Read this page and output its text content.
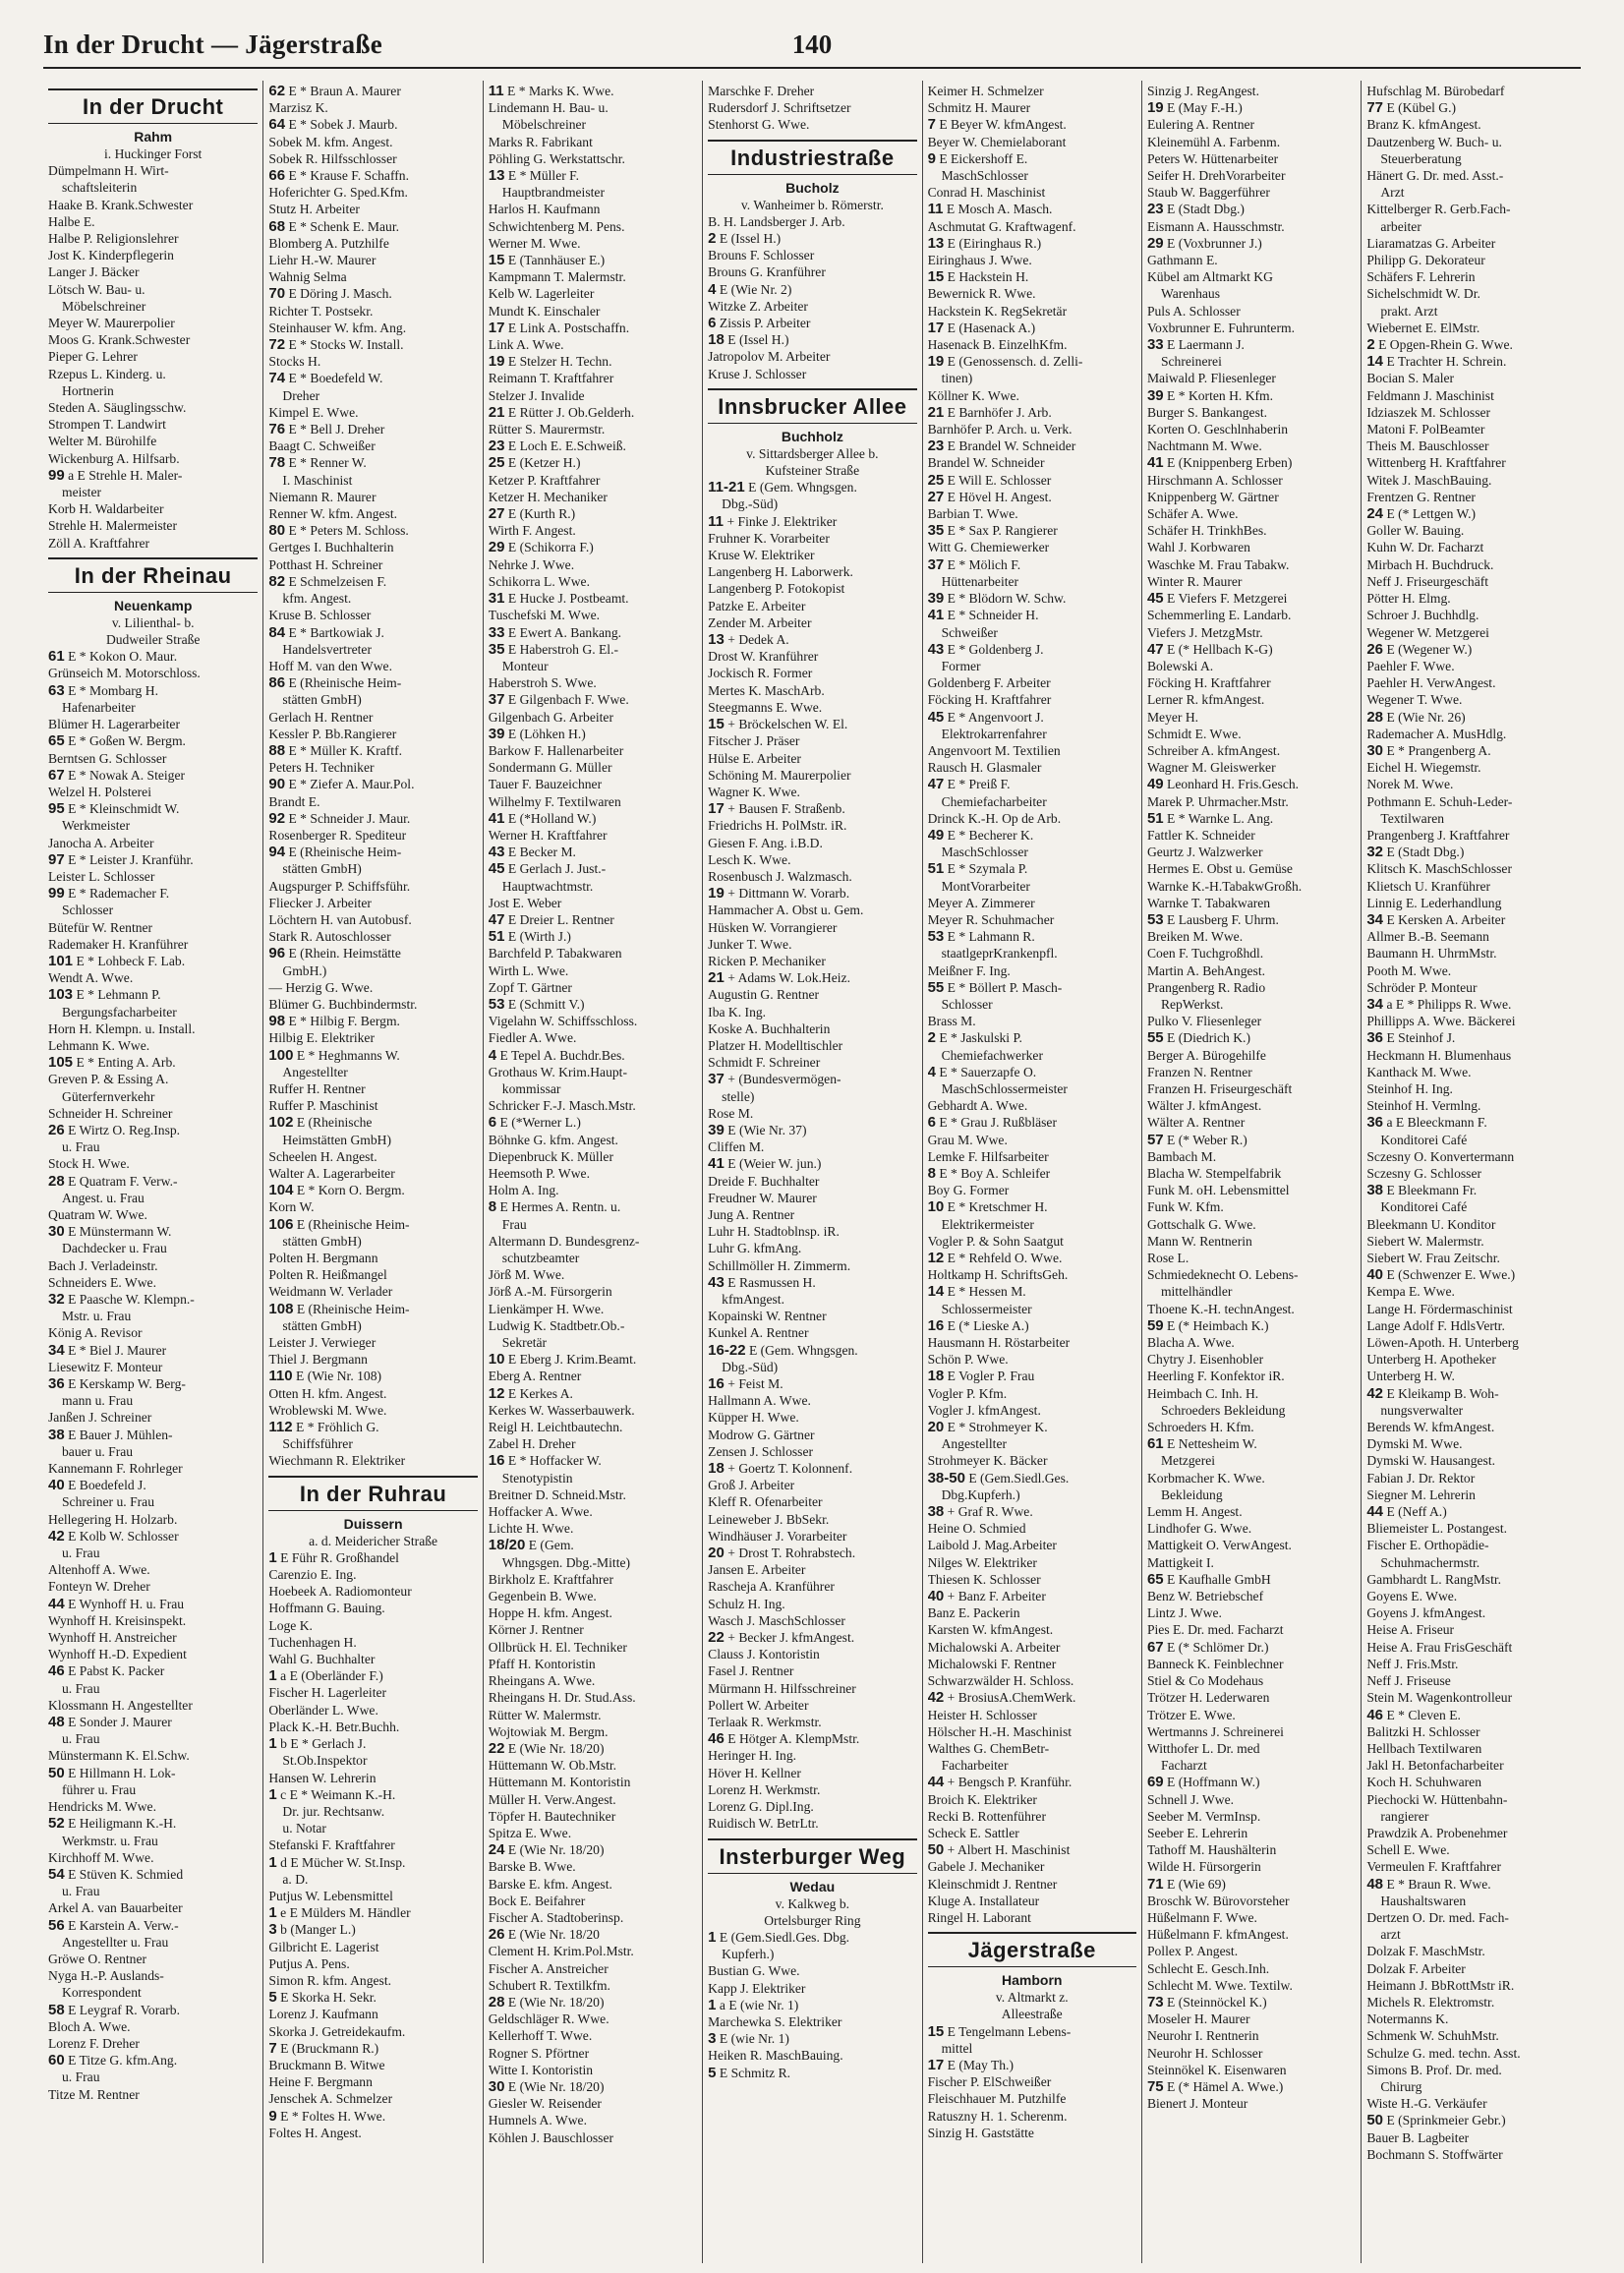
In der Drucht — Jägerstraße	140
In der Drucht
Rahm
i. Huckinger Forst
Dümpelmann H. Wirt-
schaftsleiterin
Haake B. Krank.Schwester
Halbe E.
Halbe P. Religionslehrer
Jost K. Kinderpflegerin
Langer J. Bäcker
Lötsch W. Bau- u.
Möbelschreiner
Meyer W. Maurerpolier
Moos G. Krank.Schwester
Pieper G. Lehrer
Rzepus L. Kinderg. u.
Hortnerin
Steden A. Säuglingsschw.
Strompen T. Landwirt
Welter M. Bürohilfe
Wickenburg A. Hilfsarb.
99 a E Strehle H. Maler-
meister
Korb H. Waldarbeiter
Strehle H. Malermeister
Zöll A. Kraftfahrer
In der Rheinau
Neuenkamp
v. Lilienthal- b.
Dudweiler Straße
61 E * Kokon O. Maur.
Grünseich M. Motorschloss.
63 E * Mombarg H.
Hafenarbeiter
Blümer H. Lagerarbeiter
65 E * Goßen W. Bergm.
Berntsen G. Schlosser
67 E * Nowak A. Steiger
Welzel H. Polsterei
95 E * Kleinschmidt W.
Werkmeister
Janocha A. Arbeiter
97 E * Leister J. Kranführ.
Leister L. Schlosser
99 E * Rademacher F.
Schlosser
Bütefür W. Rentner
Rademaker H. Kranführer
101 E * Lohbeck F. Lab.
Wendt A. Wwe.
103 E * Lehmann P.
Bergungsfacharbeiter
Horn H. Klempn. u. Install.
Lehmann K. Wwe.
105 E * Enting A. Arb.
Greven P. & Essing A.
Güterfernverkehr
Schneider H. Schreiner
26 E Wirtz O. Reg.Insp.
u. Frau
Stock H. Wwe.
28 E Quatram F. Verw.-
Angest. u. Frau
Quatram W. Wwe.
30 E Münstermann W.
Dachdecker u. Frau
Bach J. Verladeinstr.
Schneiders E. Wwe.
32 E Paasche W. Klempn.-
Mstr. u. Frau
König A. Revisor
34 E * Biel J. Maurer
Liesewitz F. Monteur
36 E Kerskamp W. Berg-
mann u. Frau
Janßen J. Schreiner
38 E Bauer J. Mühlen-
bauer u. Frau
Kannemann F. Rohrleger
40 E Boedefeld J.
Schreiner u. Frau
Hellegering H. Holzarb.
42 E Kolb W. Schlosser
u. Frau
Altenhoff A. Wwe.
Fonteyn W. Dreher
44 E Wynhoff H. u. Frau
Wynhoff H. Kreisinspekt.
Wynhoff H. Anstreicher
Wynhoff H.-D. Expedient
46 E Pabst K. Packer
u. Frau
Klossmann H. Angestellter
48 E Sonder J. Maurer
u. Frau
Münstermann K. El.Schw.
50 E Hillmann H. Lok-
führer u. Frau
Hendricks M. Wwe.
52 E Heiligmann K.-H.
Werkmstr. u. Frau
Kirchhoff M. Wwe.
54 E Stüven K. Schmied
u. Frau
Arkel A. van Bauarbeiter
56 E Karstein A. Verw.-
Angestellter u. Frau
Gröwe O. Rentner
Nyga H.-P. Auslands-
Korrespondent
58 E Leygraf R. Vorarb.
Bloch A. Wwe.
Lorenz F. Dreher
60 E Titze G. kfm.Ang.
u. Frau
Titze M. Rentner
62 E * Braun A. Maurer
Marzisz K.
64 E * Sobek J. Maurb.
Sobek M. kfm. Angest.
Sobek R. Hilfsschlosser
66 E * Krause F. Schaffn.
Hoferichter G. Sped.Kfm.
Stutz H. Arbeiter
68 E * Schenk E. Maur.
Blomberg A. Putzhilfe
Liehr H.-W. Maurer
Wahnig Selma
70 E Döring J. Masch.
Richter T. Postsekr.
Steinhauser W. kfm. Ang.
72 E * Stocks W. Install.
Stocks H.
74 E * Boedefeld W.
Dreher
Kimpel E. Wwe.
76 E * Bell J. Dreher
Baagt C. Schweißer
78 E * Renner W.
I. Maschinist
Niemann R. Maurer
Renner W. kfm. Angest.
80 E * Peters M. Schloss.
Gertges I. Buchhalterin
Potthast H. Schreiner
82 E Schmelzeisen F.
kfm. Angest.
Kruse B. Schlosser
84 E * Bartkowiak J.
Handelsvertreter
Hoff M. van den Wwe.
86 E (Rheinische Heim-
stätten GmbH)
Gerlach H. Rentner
Kessler P. Bb.Rangierer
88 E * Müller K. Kraftf.
Peters H. Techniker
90 E * Ziefer A. Maur.Pol.
Brandt E.
92 E * Schneider J. Maur.
Rosenberger R. Spediteur
94 E (Rheinische Heim-
stätten GmbH)
Augspurger P. Schiffsführ.
Fliecker J. Arbeiter
Löchtern H. van Autobusf.
Stark R. Autoschlosser
96 E (Rhein. Heimstätte
GmbH.)
— Herzig G. Wwe.
Blümer G. Buchbindermstr.
98 E * Hilbig F. Bergm.
Hilbig E. Elektriker
100 E * Heghmanns W.
Angestellter
Ruffer H. Rentner
Ruffer P. Maschinist
102 E (Rheinische
Heimstätten GmbH)
Scheelen H. Angest.
Walter A. Lagerarbeiter
104 E * Korn O. Bergm.
Korn W.
106 E (Rheinische Heim-
stätten GmbH)
Polten H. Bergmann
Polten R. Heißmangel
Weidmann W. Verlader
108 E (Rheinische Heim-
stätten GmbH)
Leister J. Verwieger
Thiel J. Bergmann
110 E (Wie Nr. 108)
Otten H. kfm. Angest.
Wroblewski M. Wwe.
112 E * Fröhlich G.
Schiffsführer
Wiechmann R. Elektriker
In der Ruhrau
Duissern
a. d. Meidericher Straße
1 E Führ R. Großhandel
Carenzio E. Ing.
Hoebeek A. Radiomonteur
Hoffmann G. Bauing.
Loge K.
Tuchenhagen H.
Wahl G. Buchhalter
1 a E (Oberländer F.)
Fischer H. Lagerleiter
Oberländer L. Wwe.
Plack K.-H. Betr.Buchh.
1 b E * Gerlach J.
St.Ob.Inspektor
Hansen W. Lehrerin
1 c E * Weimann K.-H.
Dr. jur. Rechtsanw.
u. Notar
Stefanski F. Kraftfahrer
1 d E Mücher W. St.Insp.
a. D.
Putjus W. Lebensmittel
1 e E Mülders M. Händler
3 b (Manger L.)
Gilbricht E. Lagerist
Putjus A. Pens.
Simon R. kfm. Angest.
5 E Skorka H. Sekr.
Lorenz J. Kaufmann
Skorka J. Getreidekaufm.
7 E (Bruckmann R.)
Bruckmann B. Witwe
Heine F. Bergmann
Jenschek A. Schmelzer
9 E * Foltes H. Wwe.
Foltes H. Angest.
11 E * Marks K. Wwe.
Lindemann H. Bau- u.
Möbelschreiner
Marks R. Fabrikant
Pöhling G. Werkstattschr.
13 E * Müller F.
Hauptbrandmeister
Harlos H. Kaufmann
Schwichtenberg M. Pens.
Werner M. Wwe.
15 E (Tannhäuser E.)
Kampmann T. Malermstr.
Kelb W. Lagerleiter
Mundt K. Einschaler
17 E Link A. Postschaffn.
Link A. Wwe.
19 E Stelzer H. Techn.
Reimann T. Kraftfahrer
Stelzer J. Invalide
21 E Rütter J. Ob.Gelderh.
Rütter S. Maurermstr.
23 E Loch E. E.Schweiß.
25 E (Ketzer H.)
Ketzer P. Kraftfahrer
Ketzer H. Mechaniker
27 E (Kurth R.)
Wirth F. Angest.
29 E (Schikorra F.)
Nehrke J. Wwe.
Schikorra L. Wwe.
31 E Hucke J. Postbeamt.
Tuschefski M. Wwe.
33 E Ewert A. Bankang.
35 E Haberstroh G. El.-
Monteur
Haberstroh S. Wwe.
37 E Gilgenbach F. Wwe.
Gilgenbach G. Arbeiter
39 E (Löhken H.)
Barkow F. Hallenarbeiter
Sondermann G. Müller
Tauer F. Bauzeichner
Wilhelmy F. Textilwaren
41 E (*Holland W.)
Werner H. Kraftfahrer
43 E Becker M.
45 E Gerlach J. Just.-
Hauptwachtmstr.
Jost E. Weber
47 E Dreier L. Rentner
51 E (Wirth J.)
Barchfeld P. Tabakwaren
Wirth L. Wwe.
Zopf T. Gärtner
53 E (Schmitt V.)
Vigelahn W. Schiffsschloss.
Fiedler A. Wwe.
4 E Tepel A. Buchdr.Bes.
Grothaus W. Krim.Haupt-
kommissar
Schricker F.-J. Masch.Mstr.
6 E (*Werner L.)
Böhnke G. kfm. Angest.
Diepenbruck K. Müller
Heemsoth P. Wwe.
Holm A. Ing.
8 E Hermes A. Rentn. u.
Frau
Altermann D. Bundesgrenz-
schutzbeamter
Jörß M. Wwe.
Jörß A.-M. Fürsorgerin
Lienkämper H. Wwe.
Ludwig K. Stadtbetr.Ob.-
Sekretär
10 E Eberg J. Krim.Beamt.
Eberg A. Rentner
12 E Kerkes A.
Kerkes W. Wasserbauwerk.
Reigl H. Leichtbautechn.
Zabel H. Dreher
16 E * Hoffacker W.
Stenotypistin
Breitner D. Schneid.Mstr.
Hoffacker A. Wwe.
Lichte H. Wwe.
18/20 E (Gem.
Whngsgen. Dbg.-Mitte)
Birkholz E. Kraftfahrer
Gegenbein B. Wwe.
Hoppe H. kfm. Angest.
Körner J. Rentner
Ollbrück H. El. Techniker
Pfaff H. Kontoristin
Rheingans A. Wwe.
Rheingans H. Dr. Stud.Ass.
Rütter W. Malermstr.
Wojtowiak M. Bergm.
22 E (Wie Nr. 18/20)
Hüttemann W. Ob.Mstr.
Hüttemann M. Kontoristin
Müller H. Verw.Angest.
Töpfer H. Bautechniker
Spitza E. Wwe.
24 E (Wie Nr. 18/20)
Barske B. Wwe.
Barske E. kfm. Angest.
Bock E. Beifahrer
Fischer A. Stadtoberinsp.
26 E (Wie Nr. 18/20
Clement H. Krim.Pol.Mstr.
Fischer A. Anstreicher
Schubert R. Textilkfm.
28 E (Wie Nr. 18/20)
Geldschläger R. Wwe.
Kellerhoff T. Wwe.
Rogner S. Pförtner
Witte I. Kontoristin
30 E (Wie Nr. 18/20)
Giesler W. Reisender
Humnels A. Wwe.
Köhlen J. Bauschlosser
Marschke F. Dreher
Rudersdorf J. Schriftsetzer
Stenhorst G. Wwe.
Industriestraße
Bucholz
v. Wanheimer b. Römerstr.
B. H. Landsberger J. Arb.
2 E (Issel H.)
Brouns F. Schlosser
Brouns G. Kranführer
4 E (Wie Nr. 2)
Witzke Z. Arbeiter
6 Zissis P. Arbeiter
18 E (Issel H.)
Jatropolov M. Arbeiter
Kruse J. Schlosser
Innsbrucker Allee
Buchholz
v. Sittardsberger Allee b.
Kufsteiner Straße
11-21 E (Gem. Whngsgen.
Dbg.-Süd)
11 + Finke J. Elektriker
Fruhner K. Vorarbeiter
Kruse W. Elektriker
Langenberg H. Laborwerk.
Langenberg P. Fotokopist
Patzke E. Arbeiter
Zender M. Arbeiter
13 + Dedek A.
Drost W. Kranführer
Jockisch R. Former
Mertes K. MaschArb.
Steegmanns E. Wwe.
15 + Bröckelschen W. El.
Fitscher J. Präser
Hülse E. Arbeiter
Schöning M. Maurerpolier
Wagner K. Wwe.
17 + Bausen F. Straßenb.
Friedrichs H. PolMstr. iR.
Giesen F. Ang. i.B.D.
Lesch K. Wwe.
Rosenbusch J. Walzmasch.
19 + Dittmann W. Vorarb.
Hammacher A. Obst u. Gem.
Hüsken W. Vorrangierer
Junker T. Wwe.
Ricken P. Mechaniker
21 + Adams W. Lok.Heiz.
Augustin G. Rentner
Iba K. Ing.
Koske A. Buchhalterin
Platzer H. Modelltischler
Schmidt F. Schreiner
37 + (Bundesvermögen-
stelle)
Rose M.
39 E (Wie Nr. 37)
Cliffen M.
41 E (Weier W. jun.)
Dreide F. Buchhalter
Freudner W. Maurer
Jung A. Rentner
Luhr H. Stadtoblnsp. iR.
Luhr G. kfmAng.
Schillmöller H. Zimmerm.
43 E Rasmussen H.
kfmAngest.
Kopainski W. Rentner
Kunkel A. Rentner
16-22 E (Gem. Whngsgen.
Dbg.-Süd)
16 + Feist M.
Hallmann A. Wwe.
Küpper H. Wwe.
Modrow G. Gärtner
Zensen J. Schlosser
18 + Goertz T. Kolonnenf.
Groß J. Arbeiter
Kleff R. Ofenarbeiter
Leineweber J. BbSekr.
Windhäuser J. Vorarbeiter
20 + Drost T. Rohrabstech.
Jansen E. Arbeiter
Rascheja A. Kranführer
Schulz H. Ing.
Wasch J. MaschSchlosser
22 + Becker J. kfmAngest.
Clauss J. Kontoristin
Fasel J. Rentner
Mürmann H. Hilfsschreiner
Pollert W. Arbeiter
Terlaak R. Werkmstr.
46 E Hötger A. KlempMstr.
Heringer H. Ing.
Höver H. Kellner
Lorenz H. Werkmstr.
Lorenz G. Dipl.Ing.
Ruidisch W. BetrLtr.
Insterburger Weg
Wedau
v. Kalkweg b.
Ortelsburger Ring
1 E (Gem.Siedl.Ges. Dbg.
Kupferh.)
Bustian G. Wwe.
Kapp J. Elektriker
1 a E (wie Nr. 1)
Marchewka S. Elektriker
3 E (wie Nr. 1)
Heiken R. MaschBauing.
5 E Schmitz R.
Keimer H. Schmelzer
Schmitz H. Maurer
7 E Beyer W. kfmAngest.
Beyer W. Chemielaborant
9 E Eickershoff E.
MaschSchlosser
Conrad H. Maschinist
11 E Mosch A. Masch.
Aschmutat G. Kraftwagenf.
13 E (Eiringhaus R.)
Eiringhaus J. Wwe.
15 E Hackstein H.
Bewernick R. Wwe.
Hackstein K. RegSekretär
17 E (Hasenack A.)
Hasenack B. EinzelhKfm.
19 E (Genossensch. d. Zelli-
tinen)
Köllner K. Wwe.
21 E Barnhöfer J. Arb.
Barnhöfer P. Arch. u. Verk.
23 E Brandel W. Schneider
Brandel W. Schneider
25 E Will E. Schlosser
27 E Hövel H. Angest.
Barbian T. Wwe.
35 E * Sax P. Rangierer
Witt G. Chemiewerker
37 E * Mölich F.
Hüttenarbeiter
39 E * Blödorn W. Schw.
41 E * Schneider H.
Schweißer
43 E * Goldenberg J.
Former
Goldenberg F. Arbeiter
Föcking H. Kraftfahrer
45 E * Angenvoort J.
Elektrokarrenfahrer
Angenvoort M. Textilien
Rausch H. Glasmaler
47 E * Preiß F.
Chemiefacharbeiter
Drinck K.-H. Op de Arb.
49 E * Becherer K.
MaschSchlosser
51 E * Szymala P.
MontVorarbeiter
Meyer A. Zimmerer
Meyer R. Schuhmacher
53 E * Lahmann R.
staatlgeprKrankenpfl.
Meißner F. Ing.
55 E * Böllert P. Masch-
Schlosser
Brass M.
2 E * Jaskulski P.
Chemiefachwerker
4 E * Sauerzapfe O.
MaschSchlossermeister
Gebhardt A. Wwe.
6 E * Grau J. Rußbläser
Grau M. Wwe.
Lemke F. Hilfsarbeiter
8 E * Boy A. Schleifer
Boy G. Former
10 E * Kretschmer H.
Elektrikermeister
Vogler P. & Sohn Saatgut
12 E * Rehfeld O. Wwe.
Holtkamp H. SchriftsGeh.
14 E * Hessen M.
Schlossermeister
16 E (* Lieske A.)
Hausmann H. Röstarbeiter
Schön P. Wwe.
18 E Vogler P. Frau
Vogler P. Kfm.
Vogler J. kfmAngest.
20 E * Strohmeyer K.
Angestellter
Strohmeyer K. Bäcker
38-50 E (Gem.Siedl.Ges.
Dbg.Kupferh.)
38 + Graf R. Wwe.
Heine O. Schmied
Laibold J. Mag.Arbeiter
Nilges W. Elektriker
Thiesen K. Schlosser
40 + Banz F. Arbeiter
Banz E. Packerin
Karsten W. kfmAngest.
Michalowski A. Arbeiter
Michalowski F. Rentner
Schwarzwälder H. Schloss.
42 + BrosiusA.ChemWerk.
Heister H. Schlosser
Hölscher H.-H. Maschinist
Walthes G. ChemBetr-
Facharbeiter
44 + Bengsch P. Kranführ.
Broich K. Elektriker
Recki B. Rottenführer
Scheck E. Sattler
50 + Albert H. Maschinist
Gabele J. Mechaniker
Kleinschmidt J. Rentner
Kluge A. Installateur
Ringel H. Laborant
Jägerstraße
Hamborn
v. Altmarkt z.
Alleestraße
15 E Tengelmann Lebens-
mittel
17 E (May Th.)
Fischer P. ElSchweißer
Fleischhauer M. Putzhilfe
Ratuszny H. 1. Scherenm.
Sinzig H. Gaststätte
Sinzig J. RegAngest.
19 E (May F.-H.)
Eulering A. Rentner
Kleinemühl A. Farbenm.
Peters W. Hüttenarbeiter
Seifer H. DrehVorarbeiter
Staub W. Baggerführer
23 E (Stadt Dbg.)
Eismann A. Hausschmstr.
29 E (Voxbrunner J.)
Gathmann E.
Kübel am Altmarkt KG
Warenhaus
Puls A. Schlosser
Voxbrunner E. Fuhrunterm.
33 E Laermann J.
Schreinerei
Maiwald P. Fliesenleger
39 E * Korten H. Kfm.
Burger S. Bankangest.
Korten O. Geschlnhaberin
Nachtmann M. Wwe.
41 E (Knippenberg Erben)
Hirschmann A. Schlosser
Knippenberg W. Gärtner
Schäfer A. Wwe.
Schäfer H. TrinkhBes.
Wahl J. Korbwaren
Waschke M. Frau Tabakw.
Winter R. Maurer
45 E Viefers F. Metzgerei
Schemmerling E. Landarb.
Viefers J. MetzgMstr.
47 E (* Hellbach K-G)
Bolewski A.
Föcking H. Kraftfahrer
Lerner R. kfmAngest.
Meyer H.
Schmidt E. Wwe.
Schreiber A. kfmAngest.
Wagner M. Gleiswerker
49 Leonhard H. Fris.Gesch.
Marek P. Uhrmacher.Mstr.
51 E * Warnke L. Ang.
Fattler K. Schneider
Geurtz J. Walzwerker
Hermes E. Obst u. Gemüse
Warnke K.-H.TabakwGroßh.
Warnke T. Tabakwaren
53 E Lausberg F. Uhrm.
Breiken M. Wwe.
Coen F. Tuchgroßhdl.
Martin A. BehAngest.
Prangenberg R. Radio
RepWerkst.
Pulko V. Fliesenleger
55 E (Diedrich K.)
Berger A. Bürogehilfe
Franzen N. Rentner
Franzen H. Friseurgeschäft
Wälter J. kfmAngest.
Wälter A. Rentner
57 E (* Weber R.)
Bambach M.
Blacha W. Stempelfabrik
Funk M. oH. Lebensmittel
Funk W. Kfm.
Gottschalk G. Wwe.
Mann W. Rentnerin
Rose L.
Schmiedeknecht O. Lebens-
mittelhändler
Thoene K.-H. technAngest.
59 E (* Heimbach K.)
Blacha A. Wwe.
Chytry J. Eisenhobler
Heerling F. Konfektor iR.
Heimbach C. Inh. H.
Schroeders Bekleidung
Schroeders H. Kfm.
61 E Nettesheim W.
Metzgerei
Korbmacher K. Wwe.
Bekleidung
Lemm H. Angest.
Lindhofer G. Wwe.
Mattigkeit O. VerwAngest.
Mattigkeit I.
65 E Kaufhalle GmbH
Benz W. Betriebschef
Lintz J. Wwe.
Pies E. Dr. med. Facharzt
67 E (* Schlömer Dr.)
Banneck K. Feinblechner
Stiel & Co Modehaus
Trötzer H. Lederwaren
Trötzer E. Wwe.
Wertmanns J. Schreinerei
Witthofer L. Dr. med
Facharzt
69 E (Hoffmann W.)
Schnell J. Wwe.
Seeber M. VermInsp.
Seeber E. Lehrerin
Tathoff M. Haushälterin
Wilde H. Fürsorgerin
71 E (Wie 69)
Broschk W. Bürovorsteher
Hüßelmann F. Wwe.
Hüßelmann F. kfmAngest.
Pollex P. Angest.
Schlecht E. Gesch.Inh.
Schlecht M. Wwe. Textilw.
73 E (Steinnöckel K.)
Moseler H. Maurer
Neurohr I. Rentnerin
Neurohr H. Schlosser
Steinnökel K. Eisenwaren
75 E (* Hämel A. Wwe.)
Bienert J. Monteur
Hufschlag M. Bürobedarf
77 E (Kübel G.)
Branz K. kfmAngest.
Dautzenberg W. Buch- u.
Steuerberatung
Hänert G. Dr. med. Asst.-
Arzt
Kittelberger R. Gerb.Fach-
arbeiter
Liaramatzas G. Arbeiter
Philipp G. Dekorateur
Schäfers F. Lehrerin
Sichelschmidt W. Dr.
prakt. Arzt
Wiebernet E. ElMstr.
2 E Opgen-Rhein G. Wwe.
14 E Trachter H. Schrein.
Bocian S. Maler
Feldmann J. Maschinist
Idziaszek M. Schlosser
Matoni F. PolBeamter
Theis M. Bauschlosser
Wittenberg H. Kraftfahrer
Witek J. MaschBauing.
Frentzen G. Rentner
24 E (* Lettgen W.)
Goller W. Bauing.
Kuhn W. Dr. Facharzt
Mirbach H. Buchdruck.
Neff J. Friseurgeschäft
Pötter H. Elmg.
Schroer J. Buchhdlg.
Wegener W. Metzgerei
26 E (Wegener W.)
Paehler F. Wwe.
Paehler H. VerwAngest.
Wegener T. Wwe.
28 E (Wie Nr. 26)
Rademacher A. MusHdlg.
30 E * Prangenberg A.
Eichel H. Wiegemstr.
Norek M. Wwe.
Pothmann E. Schuh-Leder-
Textilwaren
Prangenberg J. Kraftfahrer
32 E (Stadt Dbg.)
Klitsch K. MaschSchlosser
Klietsch U. Kranführer
Linnig E. Lederhandlung
34 E Kersken A. Arbeiter
Allmer B.-B. Seemann
Baumann H. UhrmMstr.
Pooth M. Wwe.
Schröder P. Monteur
34 a E * Philipps R. Wwe.
Phillipps A. Wwe. Bäckerei
36 E Steinhof J.
Heckmann H. Blumenhaus
Kanthack M. Wwe.
Steinhof H. Ing.
Steinhof H. Vermlng.
36 a E Bleeckmann F.
Konditorei Café
Sczesny O. Konvertermann
Sczesny G. Schlosser
38 E Bleekmann Fr.
Konditorei Café
Bleekmann U. Konditor
Siebert W. Malermstr.
Siebert W. Frau Zeitschr.
40 E (Schwenzer E. Wwe.)
Kempa E. Wwe.
Lange H. Fördermaschinist
Lange Adolf F. HdlsVertr.
Löwen-Apoth. H. Unterberg
Unterberg H. Apotheker
Unterberg H. W.
42 E Kleikamp B. Woh-
nungsverwalter
Berends W. kfmAngest.
Dymski M. Wwe.
Dymski W. Hausangest.
Fabian J. Dr. Rektor
Siegner M. Lehrerin
44 E (Neff A.)
Bliemeister L. Postangest.
Fischer E. Orthopädie-
Schuhmachermstr.
Gambhardt L. RangMstr.
Goyens E. Wwe.
Goyens J. kfmAngest.
Heise A. Friseur
Heise A. Frau FrisGeschäft
Neff J. Fris.Mstr.
Neff J. Friseuse
Stein M. Wagenkontrolleur
46 E * Cleven E.
Balitzki H. Schlosser
Hellbach Textilwaren
Jakl H. Betonfacharbeiter
Koch H. Schuhwaren
Piechocki W. Hüttenbahn-
rangierer
Prawdzik A. Probenehmer
Schell E. Wwe.
Vermeulen F. Kraftfahrer
48 E * Braun R. Wwe.
Haushaltswaren
Dertzen O. Dr. med. Fach-
arzt
Dolzak F. MaschMstr.
Dolzak F. Arbeiter
Heimann J. BbRottMstr iR.
Michels R. Elektromstr.
Notermanns K.
Schmenk W. SchuhMstr.
Schulze G. med. techn. Asst.
Simons B. Prof. Dr. med.
Chirurg
Wiste H.-G. Verkäufer
50 E (Sprinkmeier Gebr.)
Bauer B. Lagbeiter
Bochmann S. Stoffwärter
